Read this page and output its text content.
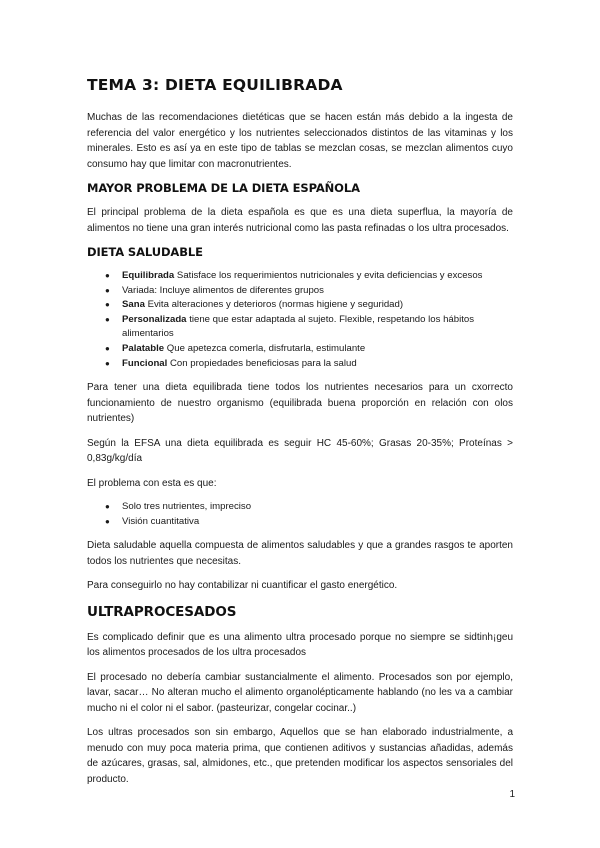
TEMA 3: DIETA EQUILIBRADA

Muchas de las recomendaciones dietéticas que se hacen están más debido a la ingesta de referencia del valor energético y los nutrientes seleccionados distintos de las vitaminas y los minerales. Esto es así ya en este tipo de tablas se mezclan cosas, se mezclan alimentos cuyo consumo hay que limitar con macronutrientes.

MAYOR PROBLEMA DE LA DIETA ESPAÑOLA

El principal problema de la dieta española es que es una dieta superflua, la mayoría de alimentos no tiene una gran interés nutricional como las pasta refinadas o los ultra procesados.

DIETA SALUDABLE
● Equilibrada Satisface los requerimientos nutricionales y evita deficiencias y excesos
● Variada: Incluye alimentos de diferentes grupos
● Sana Evita alteraciones y deterioros (normas higiene y seguridad)
● Personalizada tiene que estar adaptada al sujeto. Flexible, respetando los hábitos alimentarios
● Palatable Que apetezca comerla, disfrutarla, estimulante
● Funcional Con propiedades beneficiosas para la salud

Para tener una dieta equilibrada tiene todos los nutrientes necesarios para un cxorrecto funcionamiento de nuestro organismo (equilibrada buena proporción en relación con olos nutrientes)

Según la EFSA una dieta equilibrada es seguir HC 45-60%; Grasas 20-35%; Proteínas > 0,83g/kg/día

El problema con esta es que:

● Solo tres nutrientes, impreciso
● Visión cuantitativa

Dieta saludable aquella compuesta de alimentos saludables y que a grandes rasgos te aporten todos los nutrientes que necesitas.

Para conseguirlo no hay contabilizar ni cuantificar el gasto energético.

ULTRAPROCESADOS

Es complicado definir que es una alimento ultra procesado porque no siempre se sidtinh¡geu los alimentos procesados de los ultra procesados

El procesado no debería cambiar sustancialmente el alimento. Procesados son por ejemplo, lavar, sacar… No alteran mucho el alimento organolépticamente hablando (no les va a cambiar mucho ni el color ni el sabor. (pasteurizar, congelar cocinar..)

Los ultras procesados son sin embargo, Aquellos que se han elaborado industrialmente, a menudo con muy poca materia prima, que contienen aditivos y sustancias añadidas, además de azúcares, grasas, sal, almidones, etc., que pretenden modificar los aspectos sensoriales del producto.

1
